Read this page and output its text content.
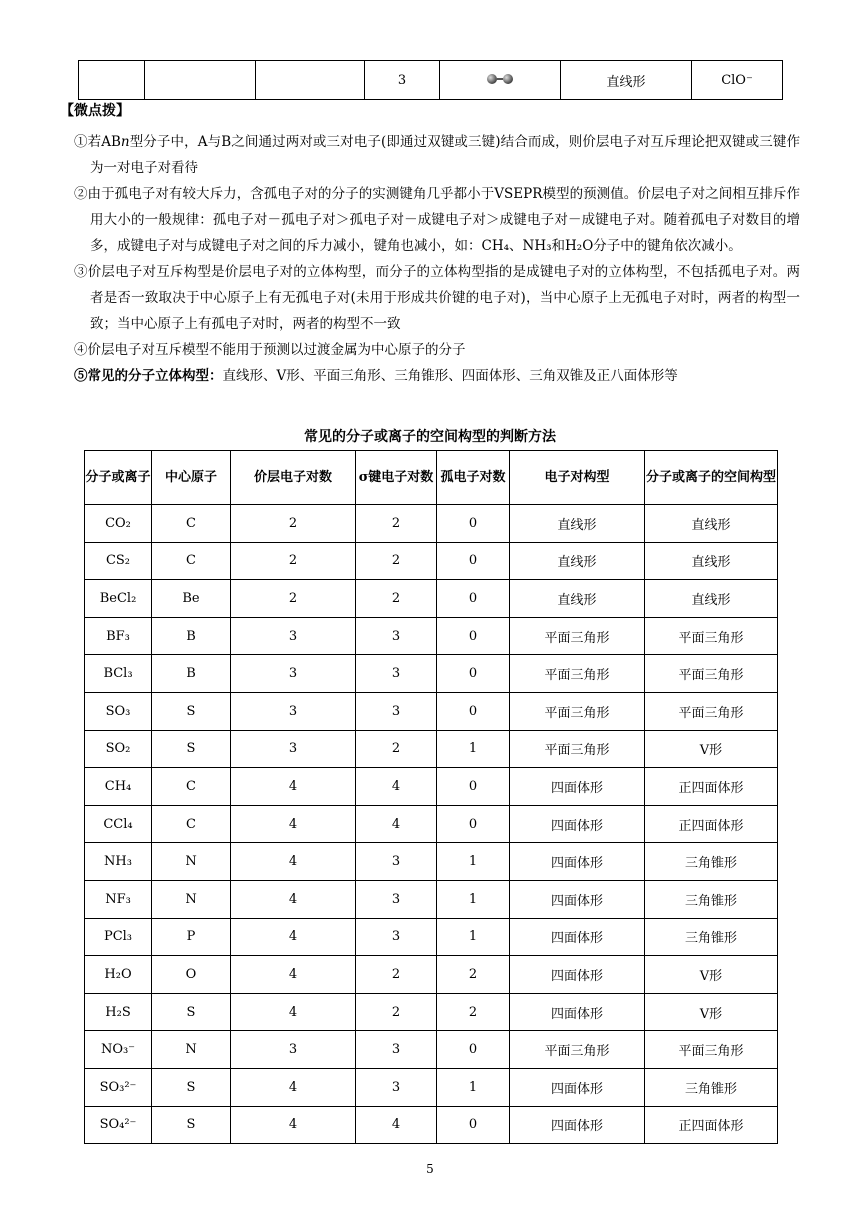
			3		直线形	ClO⁻
【微点拨】

①若AB𝑛型分子中，A与B之间通过两对或三对电子(即通过双键或三键)结合而成，则价层电子对互斥理论把双键或三键作为一对电子对看待

②由于孤电子对有较大斥力，含孤电子对的分子的实测键角几乎都小于VSEPR模型的预测值。价层电子对之间相互排斥作用大小的一般规律：孤电子对－孤电子对＞孤电子对－成键电子对＞成键电子对－成键电子对。随着孤电子对数目的增多，成键电子对与成键电子对之间的斥力减小，键角也减小，如：CH₄、NH₃和H₂O分子中的键角依次减小。

③价层电子对互斥构型是价层电子对的立体构型，而分子的立体构型指的是成键电子对的立体构型，不包括孤电子对。两者是否一致取决于中心原子上有无孤电子对(未用于形成共价键的电子对)，当中心原子上无孤电子对时，两者的构型一致；当中心原子上有孤电子对时，两者的构型不一致

④价层电子对互斥模型不能用于预测以过渡金属为中心原子的分子

⑤常见的分子立体构型：直线形、V形、平面三角形、三角锥形、四面体形、三角双锥及正八面体形等

常见的分子或离子的空间构型的判断方法
分子或离子	中心原子	价层电子对数	σ键电子对数	孤电子对数	电子对构型	分子或离子的空间构型
CO₂	C	2	2	0	直线形	直线形
CS₂	C	2	2	0	直线形	直线形
BeCl₂	Be	2	2	0	直线形	直线形
BF₃	B	3	3	0	平面三角形	平面三角形
BCl₃	B	3	3	0	平面三角形	平面三角形
SO₃	S	3	3	0	平面三角形	平面三角形
SO₂	S	3	2	1	平面三角形	V形
CH₄	C	4	4	0	四面体形	正四面体形
CCl₄	C	4	4	0	四面体形	正四面体形
NH₃	N	4	3	1	四面体形	三角锥形
NF₃	N	4	3	1	四面体形	三角锥形
PCl₃	P	4	3	1	四面体形	三角锥形
H₂O	O	4	2	2	四面体形	V形
H₂S	S	4	2	2	四面体形	V形
NO₃⁻	N	3	3	0	平面三角形	平面三角形
SO₃²⁻	S	4	3	1	四面体形	三角锥形
SO₄²⁻	S	4	4	0	四面体形	正四面体形
5
